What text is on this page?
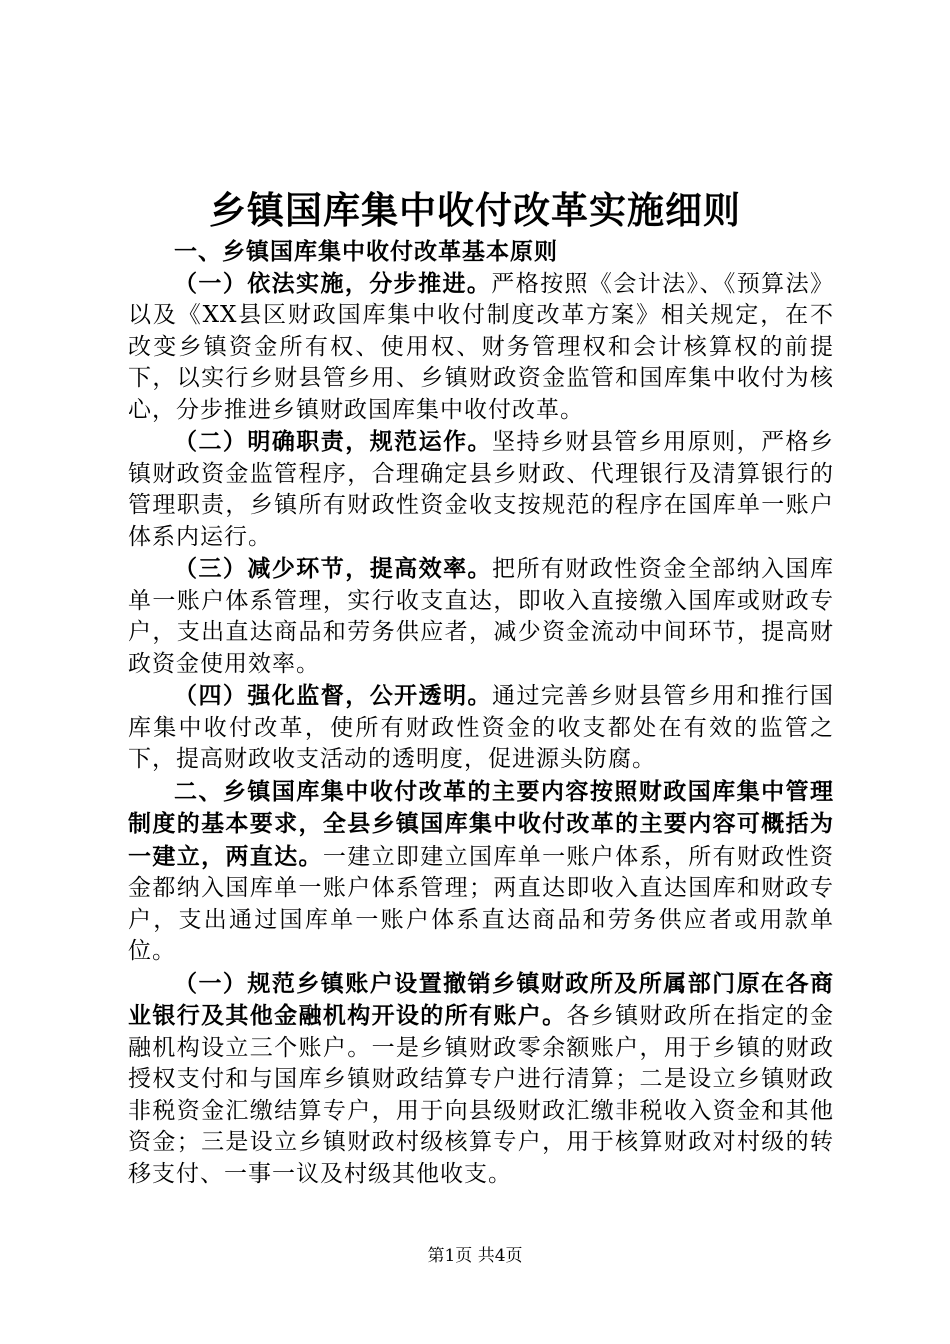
乡镇国库集中收付改革实施细则

一、乡镇国库集中收付改革基本原则

（一）依法实施，分步推进。严格按照《会计法》、《预算法》以及《XX县区财政国库集中收付制度改革方案》相关规定，在不改变乡镇资金所有权、使用权、财务管理权和会计核算权的前提下，以实行乡财县管乡用、乡镇财政资金监管和国库集中收付为核心，分步推进乡镇财政国库集中收付改革。

（二）明确职责，规范运作。坚持乡财县管乡用原则，严格乡镇财政资金监管程序，合理确定县乡财政、代理银行及清算银行的管理职责，乡镇所有财政性资金收支按规范的程序在国库单一账户体系内运行。

（三）减少环节，提高效率。把所有财政性资金全部纳入国库单一账户体系管理，实行收支直达，即收入直接缴入国库或财政专户，支出直达商品和劳务供应者，减少资金流动中间环节，提高财政资金使用效率。

（四）强化监督，公开透明。通过完善乡财县管乡用和推行国库集中收付改革，使所有财政性资金的收支都处在有效的监管之下，提高财政收支活动的透明度，促进源头防腐。

二、乡镇国库集中收付改革的主要内容按照财政国库集中管理制度的基本要求，全县乡镇国库集中收付改革的主要内容可概括为一建立，两直达。一建立即建立国库单一账户体系，所有财政性资金都纳入国库单一账户体系管理；两直达即收入直达国库和财政专户，支出通过国库单一账户体系直达商品和劳务供应者或用款单位。

（一）规范乡镇账户设置撤销乡镇财政所及所属部门原在各商业银行及其他金融机构开设的所有账户。各乡镇财政所在指定的金融机构设立三个账户。一是乡镇财政零余额账户，用于乡镇的财政授权支付和与国库乡镇财政结算专户进行清算；二是设立乡镇财政非税资金汇缴结算专户，用于向县级财政汇缴非税收入资金和其他资金；三是设立乡镇财政村级核算专户，用于核算财政对村级的转移支付、一事一议及村级其他收支。

第1页 共4页
